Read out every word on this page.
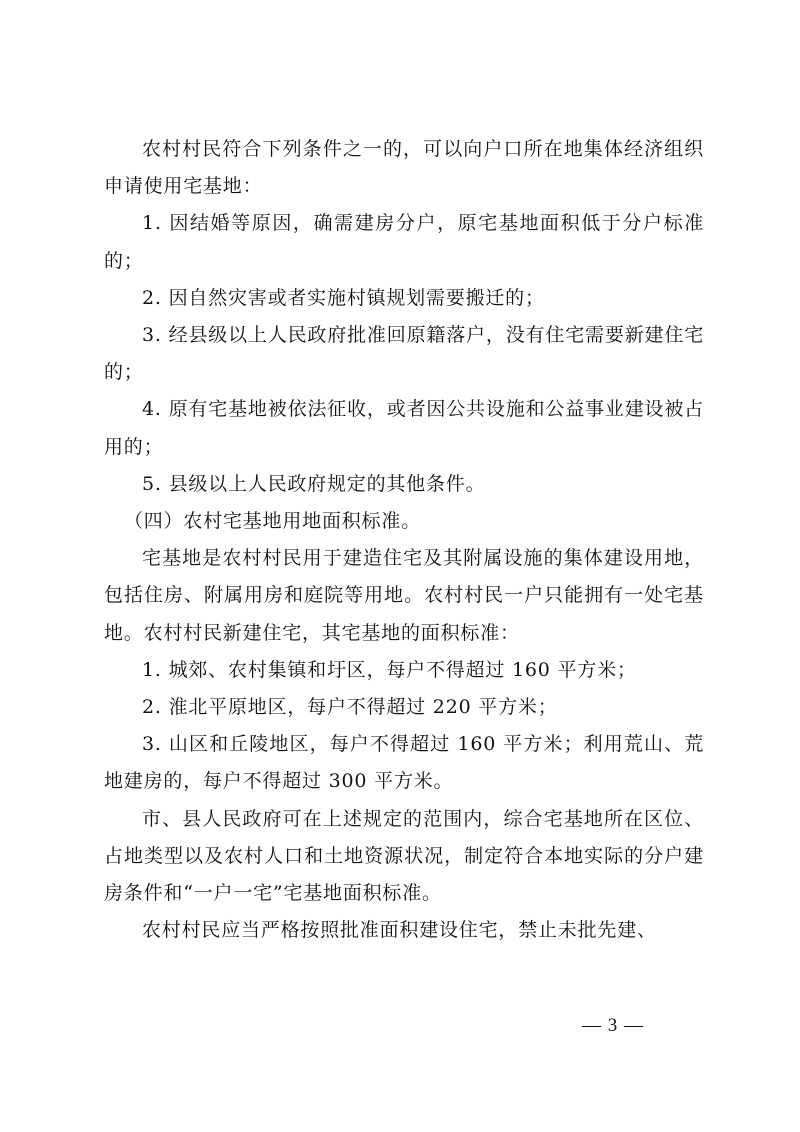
农村村民符合下列条件之一的，可以向户口所在地集体经济组织申请使用宅基地：

1. 因结婚等原因，确需建房分户，原宅基地面积低于分户标准的；

2. 因自然灾害或者实施村镇规划需要搬迁的；

3. 经县级以上人民政府批准回原籍落户，没有住宅需要新建住宅的；

4. 原有宅基地被依法征收，或者因公共设施和公益事业建设被占用的；

5. 县级以上人民政府规定的其他条件。

（四）农村宅基地用地面积标准。

宅基地是农村村民用于建造住宅及其附属设施的集体建设用地，包括住房、附属用房和庭院等用地。农村村民一户只能拥有一处宅基地。农村村民新建住宅，其宅基地的面积标准：

1. 城郊、农村集镇和圩区，每户不得超过 160 平方米；

2. 淮北平原地区，每户不得超过 220 平方米；

3. 山区和丘陵地区，每户不得超过 160 平方米；利用荒山、荒地建房的，每户不得超过 300 平方米。

市、县人民政府可在上述规定的范围内，综合宅基地所在区位、占地类型以及农村人口和土地资源状况，制定符合本地实际的分户建房条件和“一户一宅”宅基地面积标准。

农村村民应当严格按照批准面积建设住宅，禁止未批先建、

— 3 —
